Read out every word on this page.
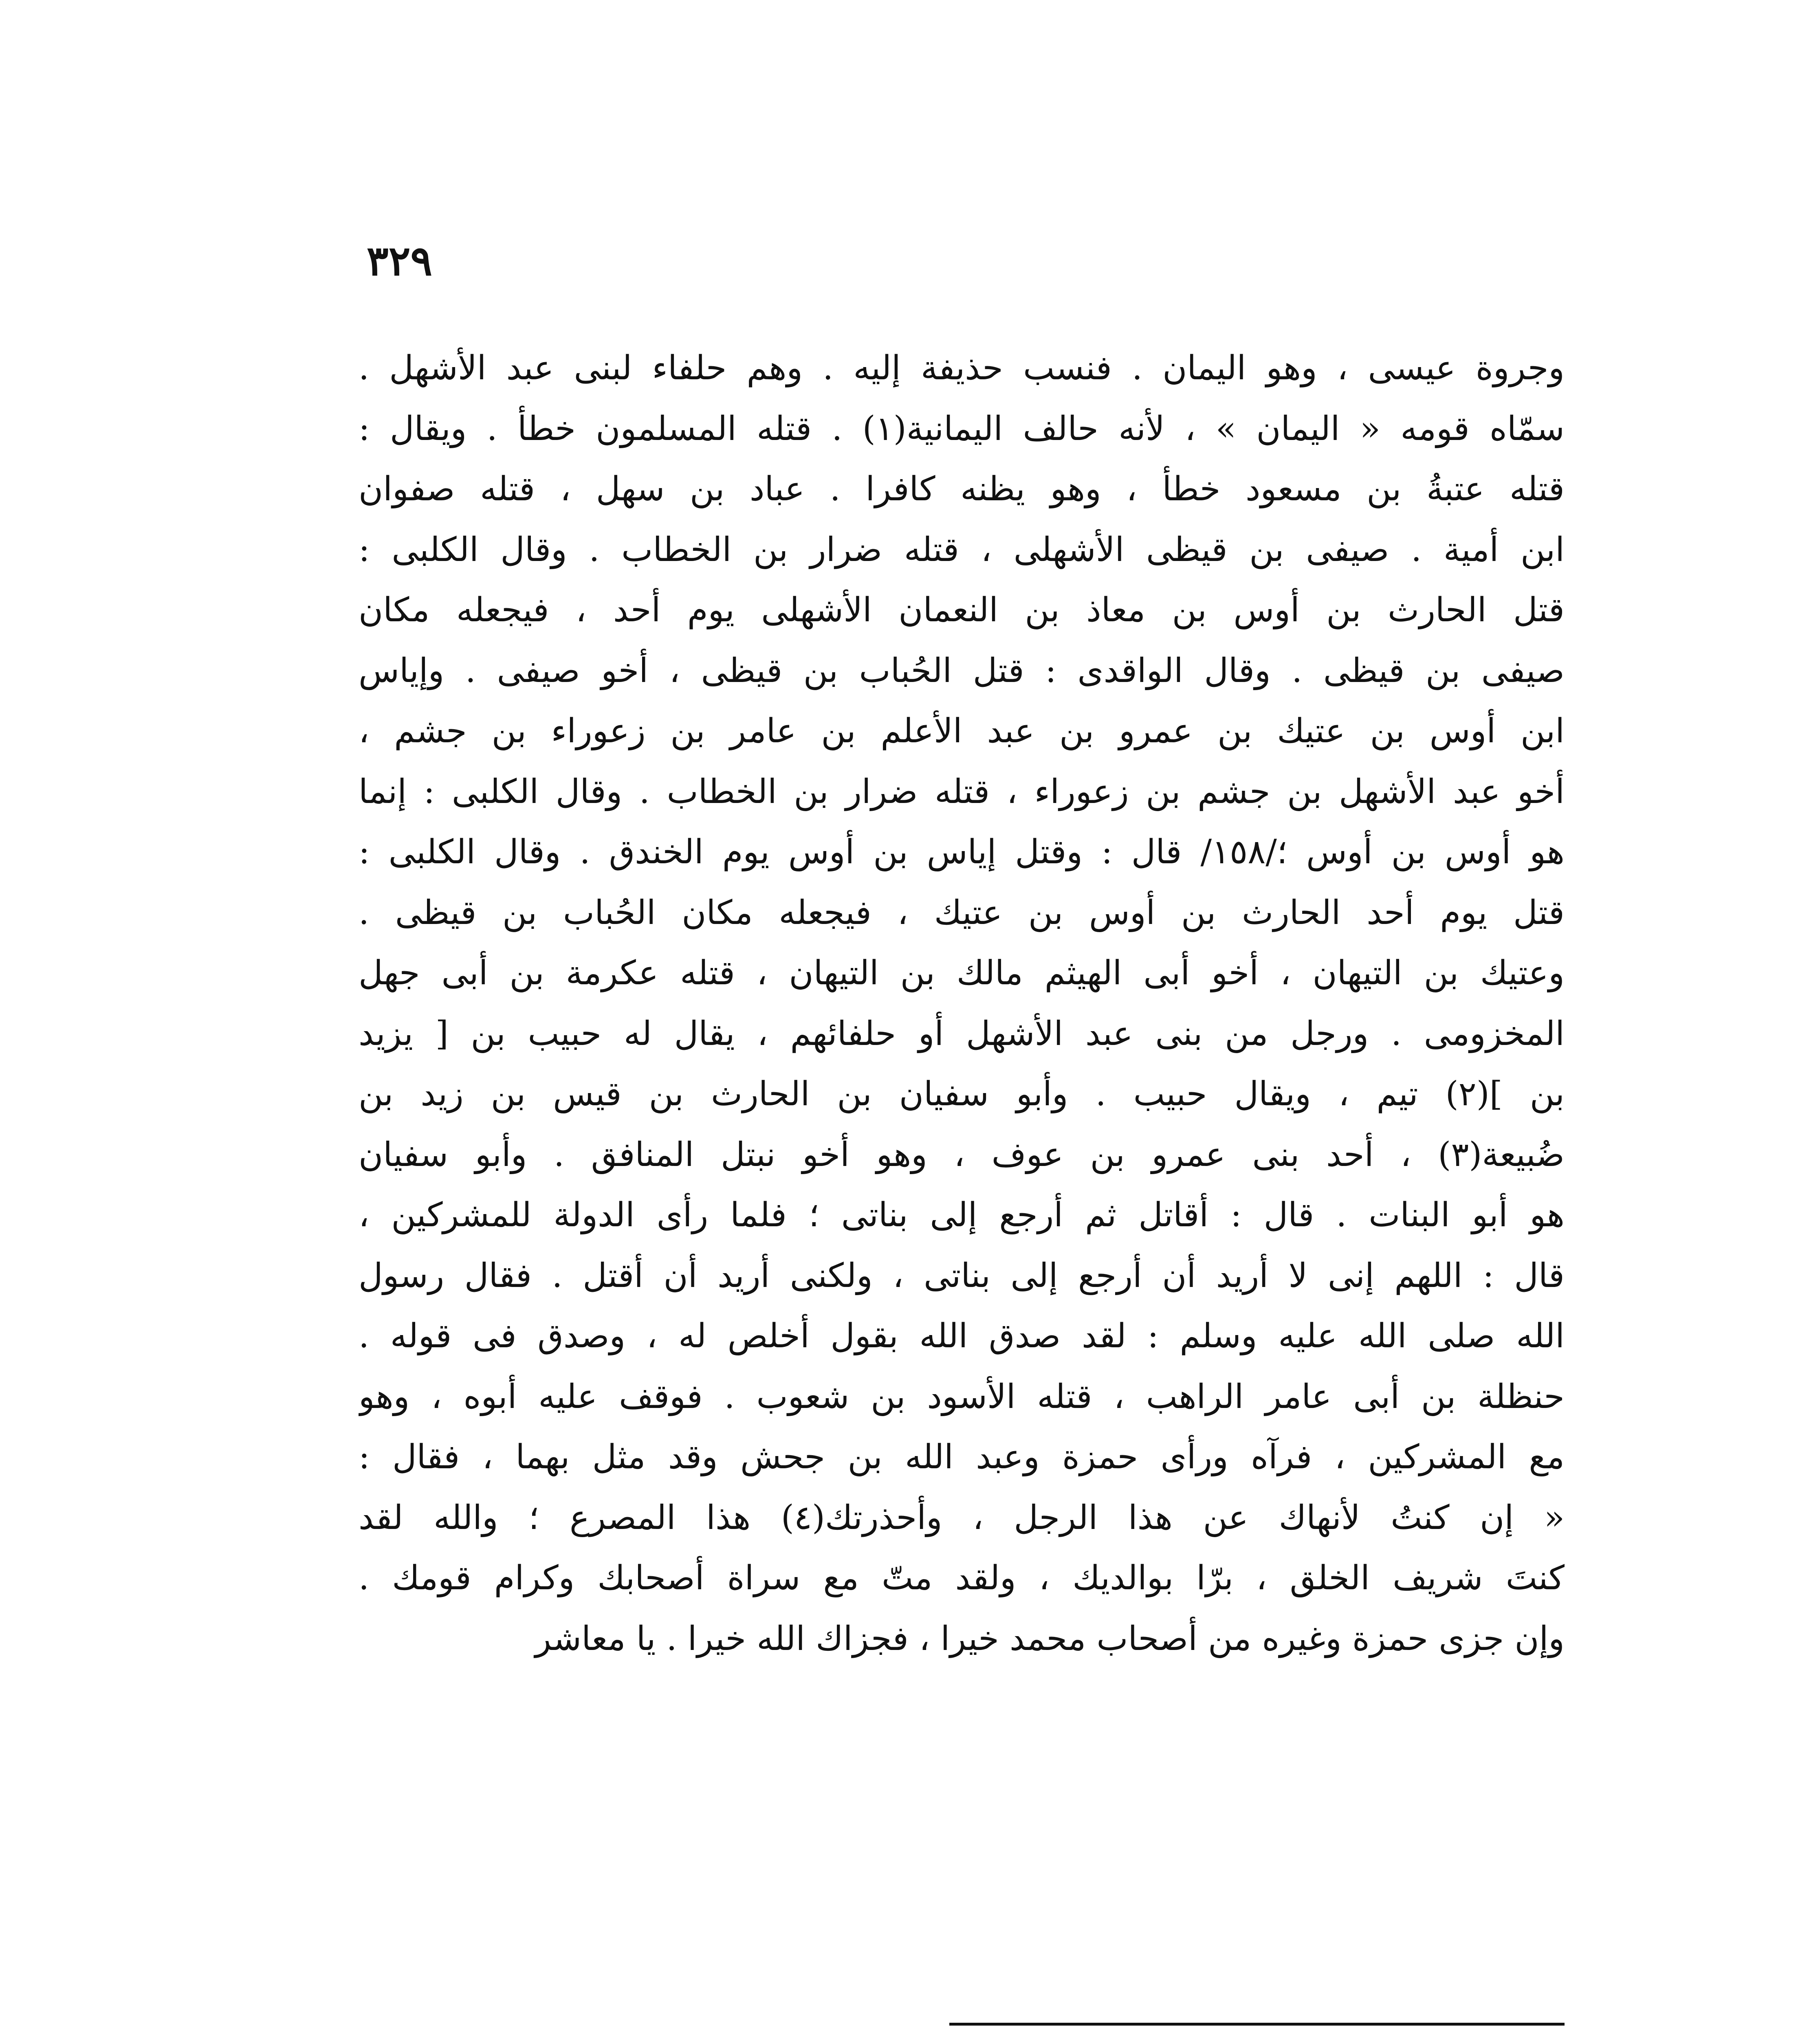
٣٢٩
وجروة عيسى ، وهو اليمان . فنسب حذيفة إليه . وهم حلفاء لبنى عبد الأشهل .
سمّاه قومه « اليمان » ، لأنه حالف اليمانية(١) . قتله المسلمون خطأ . ويقال :
قتله عتبةُ بن مسعود خطأ ، وهو يظنه كافرا . عباد بن سهل ، قتله صفوان
ابن أمية . صيفى بن قيظى الأشهلى ، قتله ضرار بن الخطاب . وقال الكلبى :
قتل الحارث بن أوس بن معاذ بن النعمان الأشهلى يوم أحد ، فيجعله مكان
صيفى بن قيظى . وقال الواقدى : قتل الحُباب بن قيظى ، أخو صيفى . وإياس
ابن أوس بن عتيك بن عمرو بن عبد الأعلم بن عامر بن زعوراء بن جشم ،
أخو عبد الأشهل بن جشم بن زعوراء ، قتله ضرار بن الخطاب . وقال الكلبى : إنما
هو أوس بن أوس ؛/١٥٨/ قال : وقتل إياس بن أوس يوم الخندق . وقال الكلبى :
قتل يوم أحد الحارث بن أوس بن عتيك ، فيجعله مكان الحُباب بن قيظى .
وعتيك بن التيهان ، أخو أبى الهيثم مالك بن التيهان ، قتله عكرمة بن أبى جهل
المخزومى . ورجل من بنى عبد الأشهل أو حلفائهم ، يقال له حبيب بن [ يزيد
بن ](٢) تيم ، ويقال حبيب . وأبو سفيان بن الحارث بن قيس بن زيد بن
ضُبيعة(٣) ، أحد بنى عمرو بن عوف ، وهو أخو نبتل المنافق . وأبو سفيان
هو أبو البنات . قال : أقاتل ثم أرجع إلى بناتى ؛ فلما رأى الدولة للمشركين ،
قال : اللهم إنى لا أريد أن أرجع إلى بناتى ، ولكنى أريد أن أقتل . فقال رسول
الله صلى الله عليه وسلم : لقد صدق الله بقول أخلص له ، وصدق فى قوله .
حنظلة بن أبى عامر الراهب ، قتله الأسود بن شعوب . فوقف عليه أبوه ، وهو
مع المشركين ، فرآه ورأى حمزة وعبد الله بن جحش وقد مثل بهما ، فقال :
« إن كنتُ لأنهاك عن هذا الرجل ، وأحذرتك(٤) هذا المصرع ؛ والله لقد
كنتَ شريف الخلق ، برّا بوالديك ، ولقد متّ مع سراة أصحابك وكرام قومك .
وإن جزى حمزة وغيره من أصحاب محمد خيرا ، فجزاك الله خيرا . يا معاشر
